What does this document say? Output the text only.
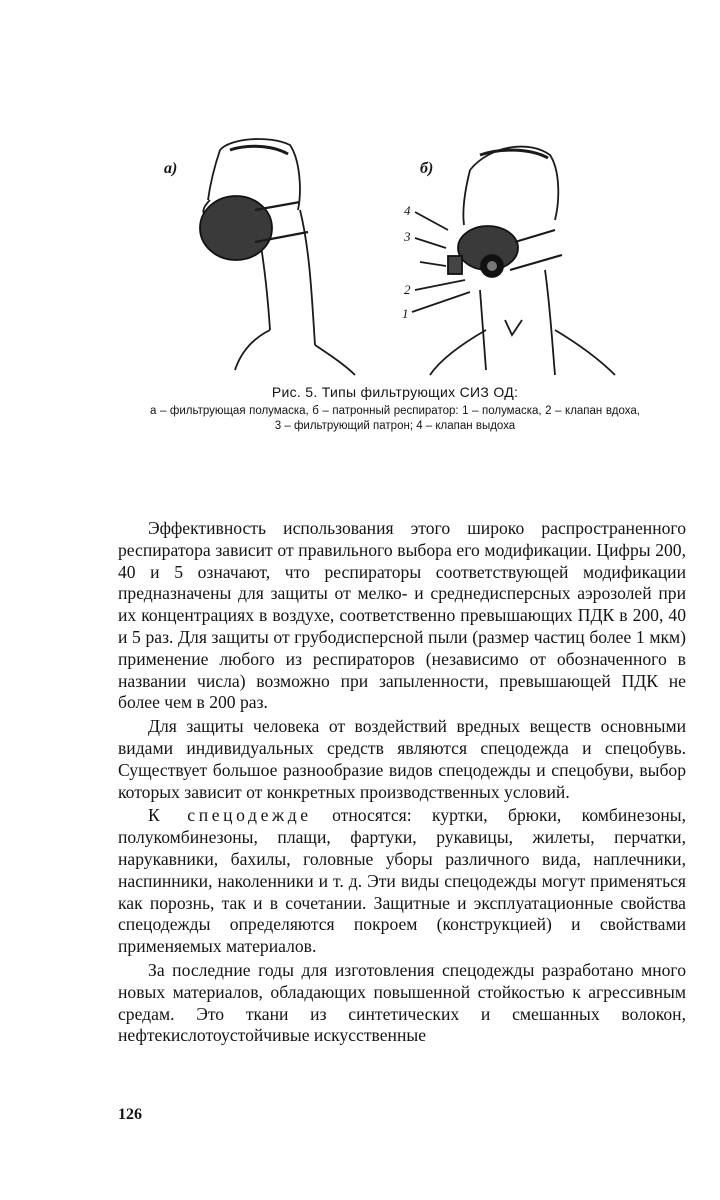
а)	б)
4
3
2
1
Рис. 5. Типы фильтрующих СИЗ ОД:
а – фильтрующая полумаска, б – патронный респиратор: 1 – полумаска, 2 – клапан вдоха, 3 – фильтрующий патрон; 4 – клапан выдоха

Эффективность использования этого широко распространенного респиратора зависит от правильного выбора его модификации. Цифры 200, 40 и 5 означают, что респираторы соответствующей модификации предназначены для защиты от мелко- и среднедисперсных аэрозолей при их концентрациях в воздухе, соответственно превышающих ПДК в 200, 40 и 5 раз. Для защиты от грубодисперсной пыли (размер частиц более 1 мкм) применение любого из респираторов (независимо от обозначенного в названии числа) возможно при запыленности, превышающей ПДК не более чем в 200 раз.

Для защиты человека от воздействий вредных веществ основными видами индивидуальных средств являются спецодежда и спецобувь. Существует большое разнообразие видов спецодежды и спецобуви, выбор которых зависит от конкретных производственных условий.

К спецодежде относятся: куртки, брюки, комбинезоны, полукомбинезоны, плащи, фартуки, рукавицы, жилеты, перчатки, нарукавники, бахилы, головные уборы различного вида, наплечники, наспинники, наколенники и т. д. Эти виды спецодежды могут применяться как порознь, так и в сочетании. Защитные и эксплуатационные свойства спецодежды определяются покроем (конструкцией) и свойствами применяемых материалов.

За последние годы для изготовления спецодежды разработано много новых материалов, обладающих повышенной стойкостью к агрессивным средам. Это ткани из синтетических и смешанных волокон, нефтекислотоустойчивые искусственные

126
